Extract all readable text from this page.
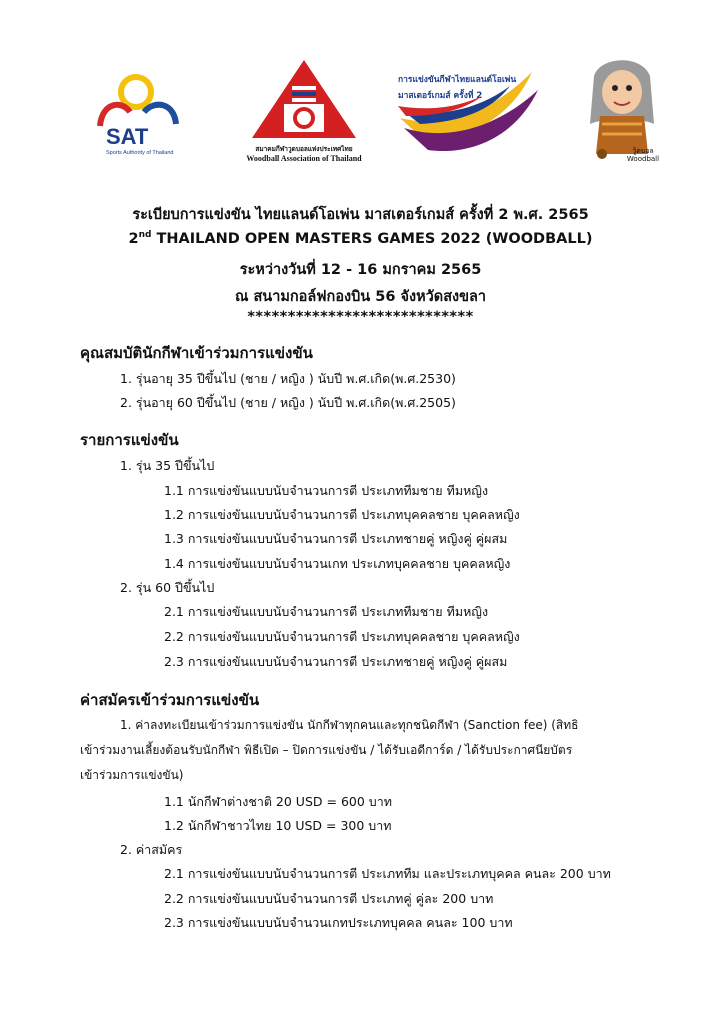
SAT
Sports Authority of Thailand	สมาคมกีฬาวูดบอลแห่งประเทศไทย
Woodball Association of Thailand
การแข่งขันกีฬาไทยแลนด์โอเพ่น
มาสเตอร์เกมส์ ครั้งที่ 2
วู้ดบอล
Woodball
ระเบียบการแข่งขัน ไทยแลนด์โอเพ่น มาสเตอร์เกมส์ ครั้งที่ 2 พ.ศ. 2565
2nd THAILAND OPEN MASTERS GAMES 2022 (WOODBALL)
ระหว่างวันที่ 12 - 16 มกราคม 2565
ณ สนามกอล์ฟกองบิน 56 จังหวัดสงขลา
****************************
คุณสมบัตินักกีฬาเข้าร่วมการแข่งขัน
1. รุ่นอายุ 35 ปีขึ้นไป (ชาย / หญิง ) นับปี พ.ศ.เกิด(พ.ศ.2530)
2. รุ่นอายุ 60 ปีขึ้นไป (ชาย / หญิง ) นับปี พ.ศ.เกิด(พ.ศ.2505)
รายการแข่งขัน
1. รุ่น 35 ปีขึ้นไป
1.1 การแข่งขันแบบนับจำนวนการตี ประเภททีมชาย ทีมหญิง
1.2 การแข่งขันแบบนับจำนวนการตี ประเภทบุคคลชาย บุคคลหญิง
1.3 การแข่งขันแบบนับจำนวนการตี ประเภทชายคู่ หญิงคู่ คู่ผสม
1.4 การแข่งขันแบบนับจำนวนเกท ประเภทบุคคลชาย บุคคลหญิง
2. รุ่น 60 ปีขึ้นไป
2.1 การแข่งขันแบบนับจำนวนการตี ประเภททีมชาย ทีมหญิง
2.2 การแข่งขันแบบนับจำนวนการตี ประเภทบุคคลชาย บุคคลหญิง
2.3 การแข่งขันแบบนับจำนวนการตี ประเภทชายคู่ หญิงคู่ คู่ผสม
ค่าสมัครเข้าร่วมการแข่งขัน
1. ค่าลงทะเบียนเข้าร่วมการแข่งขัน นักกีฬาทุกคนและทุกชนิดกีฬา (Sanction fee) (สิทธิ
เข้าร่วมงานเลี้ยงต้อนรับนักกีฬา พิธีเปิด – ปิดการแข่งขัน / ได้รับเอดีการ์ด / ได้รับประกาศนียบัตร
เข้าร่วมการแข่งขัน)
1.1 นักกีฬาต่างชาติ 20 USD = 600 บาท
1.2 นักกีฬาชาวไทย 10 USD = 300 บาท
2. ค่าสมัคร
2.1 การแข่งขันแบบนับจำนวนการตี ประเภททีม และประเภทบุคคล คนละ 200 บาท
2.2 การแข่งขันแบบนับจำนวนการตี ประเภทคู่ คู่ละ 200 บาท
2.3 การแข่งขันแบบนับจำนวนเกทประเภทบุคคล คนละ 100 บาท
